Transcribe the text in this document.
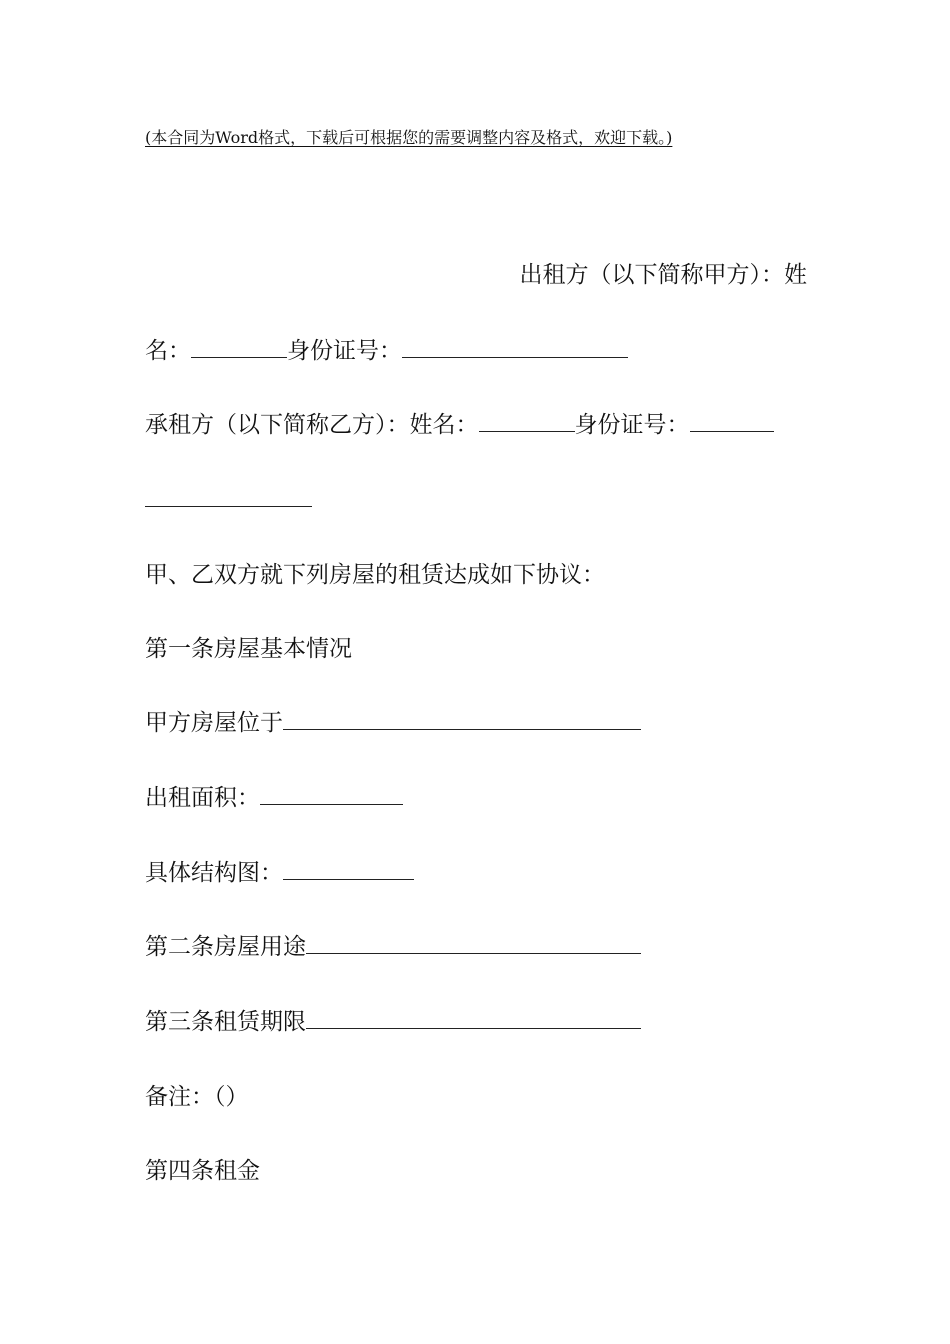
(本合同为Word格式，下载后可根据您的需要调整内容及格式，欢迎下载。)
出租方（以下简称甲方）：姓
名：	身份证号：
承租方（以下简称乙方）：姓名：	身份证号：
甲、乙双方就下列房屋的租赁达成如下协议：
第一条房屋基本情况
甲方房屋位于
出租面积：
具体结构图：
第二条房屋用途
第三条租赁期限
备注：（）
第四条租金
